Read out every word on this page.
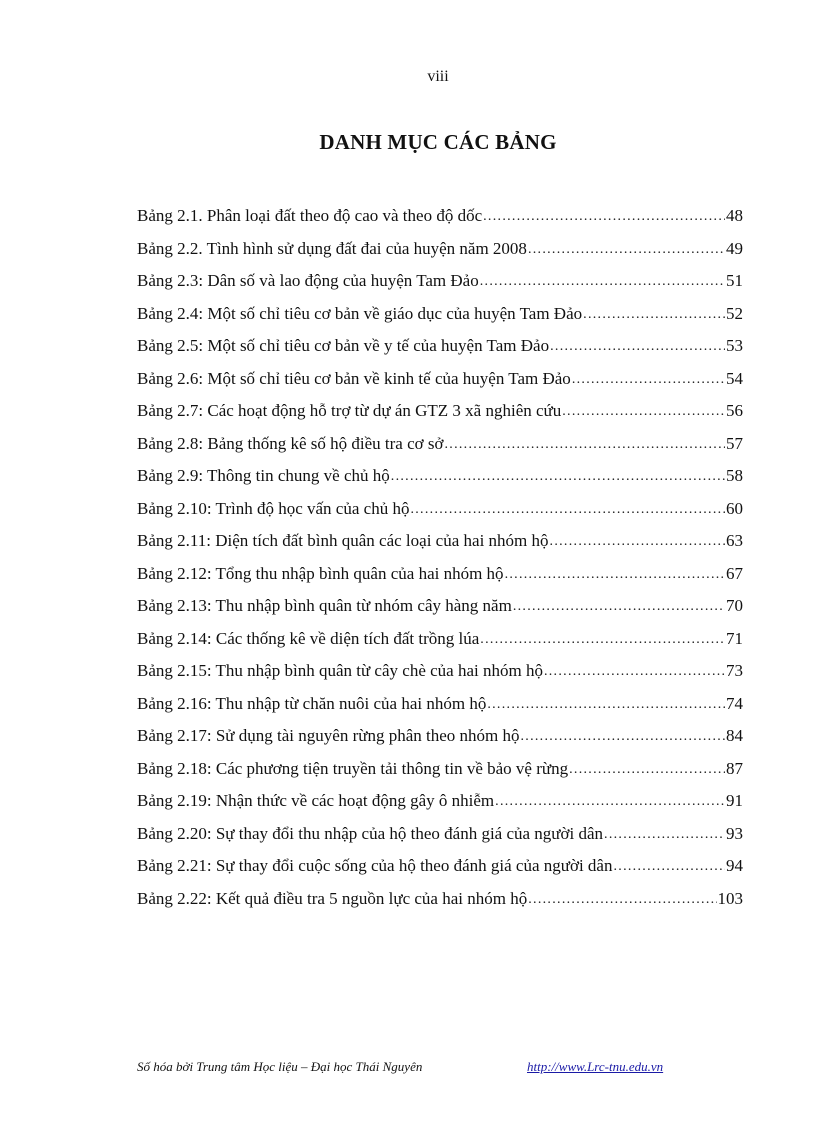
viii
DANH MỤC CÁC BẢNG
Bảng 2.1. Phân loại đất theo độ cao và theo độ dốc .....	48
Bảng 2.2. Tình hình sử dụng đất đai của huyện năm 2008 .....	49
Bảng 2.3: Dân số và lao động của huyện Tam Đảo .....	51
Bảng 2.4: Một số chỉ tiêu cơ bản về giáo dục của huyện Tam Đảo .....	52
Bảng 2.5: Một số chỉ tiêu cơ bản về y tế của huyện Tam Đảo .....	53
Bảng 2.6: Một số chỉ tiêu cơ bản về kinh tế của huyện Tam Đảo .....	54
Bảng 2.7: Các hoạt động hỗ trợ từ dự án GTZ 3 xã nghiên cứu .....	56
Bảng 2.8: Bảng thống kê số hộ điều tra cơ sở .....	57
Bảng 2.9: Thông tin chung về chủ hộ .....	58
Bảng 2.10: Trình độ học vấn của chủ hộ .....	60
Bảng 2.11: Diện tích đất bình quân các loại của hai nhóm hộ .....	63
Bảng 2.12: Tổng thu nhập bình quân của hai nhóm hộ .....	67
Bảng 2.13: Thu nhập bình quân từ nhóm cây hàng năm .....	70
Bảng 2.14: Các thống kê về diện tích đất trồng lúa .....	71
Bảng 2.15: Thu nhập bình quân từ cây chè của hai nhóm hộ .....	73
Bảng 2.16: Thu nhập từ chăn nuôi của hai nhóm hộ .....	74
Bảng 2.17: Sử dụng tài nguyên rừng phân theo nhóm hộ .....	84
Bảng 2.18: Các phương tiện truyền tải thông tin về bảo vệ rừng .....	87
Bảng 2.19: Nhận thức về các hoạt động gây ô nhiễm .....	91
Bảng 2.20: Sự thay đổi thu nhập của hộ theo đánh giá của người dân .....	93
Bảng 2.21: Sự thay đổi cuộc sống của hộ theo đánh giá của người dân .....	94
Bảng 2.22: Kết quả điều tra 5 nguồn lực của hai nhóm hộ .....	103
Số hóa bởi Trung tâm Học liệu – Đại học Thái Nguyên	http://www.Lrc-tnu.edu.vn
